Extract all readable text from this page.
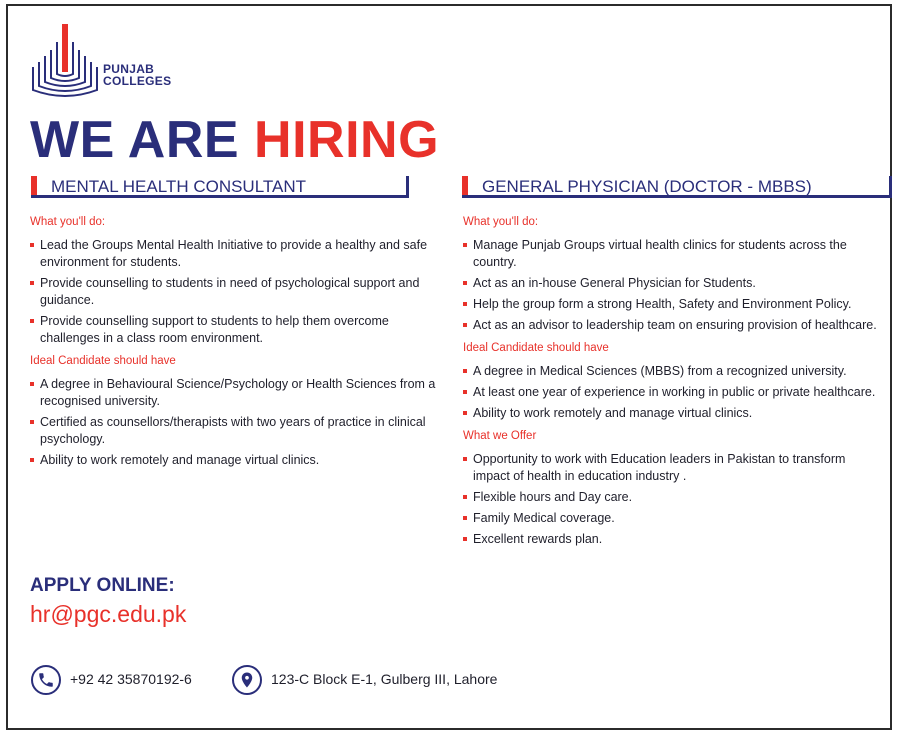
PUNJAB
COLLEGES
WE ARE HIRING
MENTAL HEALTH CONSULTANT	GENERAL PHYSICIAN (DOCTOR - MBBS)
What you'll do:
Lead the Groups Mental Health Initiative to provide a healthy and safe environment for students.
Provide counselling to students in need of psychological support and guidance.
Provide counselling support to students to help them overcome challenges in a class room environment.
Ideal Candidate should have
A degree in Behavioural Science/Psychology or Health Sciences from a recognised university.
Certified as counsellors/therapists with two years of practice in clinical psychology.
Ability to work remotely and manage virtual clinics.
What you'll do:
Manage Punjab Groups virtual health clinics for students across the country.
Act as an in-house General Physician for Students.
Help the group form a strong Health, Safety and Environment Policy.
Act as an advisor to leadership team on ensuring provision of healthcare.
Ideal Candidate should have
A degree in Medical Sciences (MBBS) from a recognized university.
At least one year of experience in working in public or private healthcare.
Ability to work remotely and manage virtual clinics.
What we Offer
Opportunity to work with Education leaders in Pakistan to transform impact of health in education industry .
Flexible hours and Day care.
Family Medical coverage.
Excellent rewards plan.
APPLY ONLINE:
hr@pgc.edu.pk
+92 42 35870192-6	123-C Block E-1, Gulberg III, Lahore
